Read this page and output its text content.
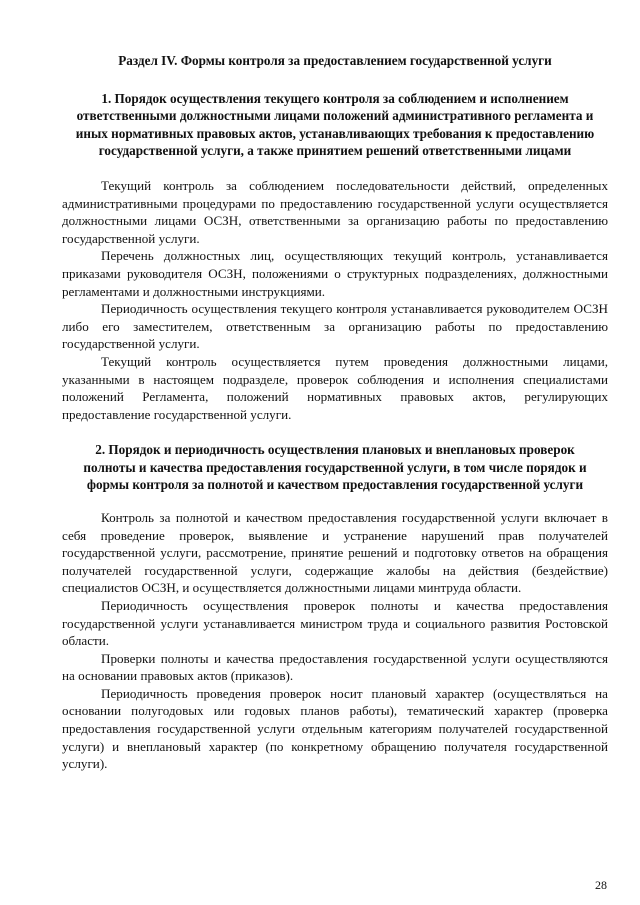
Раздел IV. Формы контроля за предоставлением государственной услуги

1. Порядок осуществления текущего контроля за соблюдением и исполнением ответственными должностными лицами положений административного регламента и иных нормативных правовых актов, устанавливающих требования к предоставлению государственной услуги, а также принятием решений ответственными лицами

Текущий контроль за соблюдением последовательности действий, определенных административными процедурами по предоставлению государственной услуги осуществляется должностными лицами ОСЗН, ответственными за организацию работы по предоставлению государственной услуги.

Перечень должностных лиц, осуществляющих текущий контроль, устанавливается приказами руководителя ОСЗН, положениями о структурных подразделениях, должностными регламентами и должностными инструкциями.

Периодичность осуществления текущего контроля устанавливается руководителем ОСЗН либо его заместителем, ответственным за организацию работы по предоставлению государственной услуги.

Текущий контроль осуществляется путем проведения должностными лицами, указанными в настоящем подразделе, проверок соблюдения и исполнения специалистами положений Регламента, положений нормативных правовых актов, регулирующих предоставление государственной услуги.

2. Порядок и периодичность осуществления плановых и внеплановых проверок полноты и качества предоставления государственной услуги, в том числе порядок и формы контроля за полнотой и качеством предоставления государственной услуги

Контроль за полнотой и качеством предоставления государственной услуги включает в себя проведение проверок, выявление и устранение нарушений прав получателей государственной услуги, рассмотрение, принятие решений и подготовку ответов на обращения получателей государственной услуги, содержащие жалобы на действия (бездействие) специалистов ОСЗН, и осуществляется должностными лицами минтруда области.

Периодичность осуществления проверок полноты и качества предоставления государственной услуги устанавливается министром труда и социального развития Ростовской области.

Проверки полноты и качества предоставления государственной услуги осуществляются на основании правовых актов (приказов).

Периодичность проведения проверок носит плановый характер (осуществляться на основании полугодовых или годовых планов работы), тематический характер (проверка предоставления государственной услуги отдельным категориям получателей государственной услуги) и внеплановый характер (по конкретному обращению получателя государственной услуги).

28
